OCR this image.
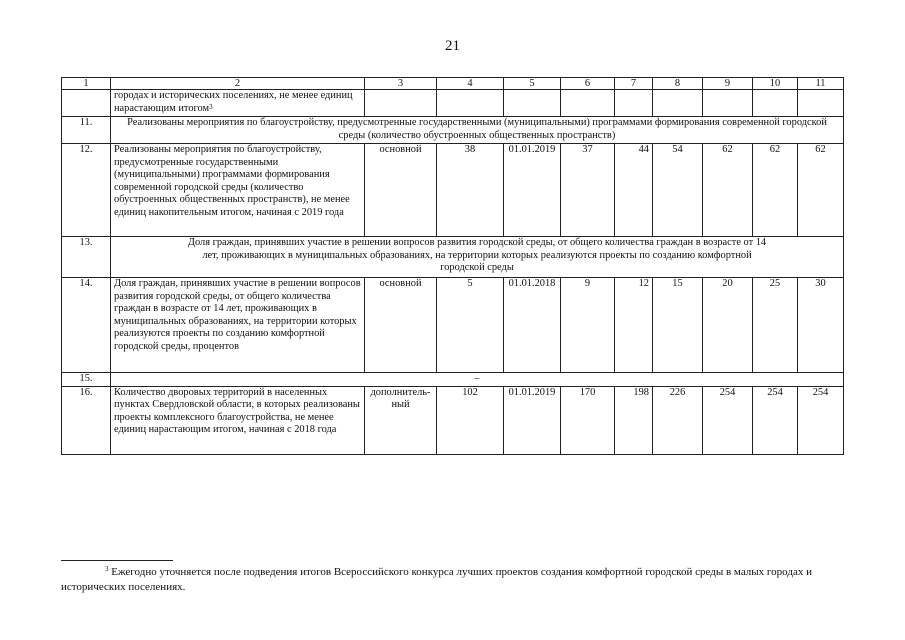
21
1	2	3	4	5	6	7	8	9	10	11
	городах и исторических поселениях, не менее единиц нарастающим итогом$^3$									
11.	Реализованы мероприятия по благоустройству, предусмотренные государственными (муниципальными) программами формирования современной городской среды (количество обустроенных общественных пространств)									
12.	Реализованы мероприятия по благоустройству, предусмотренные государственными (муниципальными) программами формирования современной городской среды (количество обустроенных общественных пространств), не менее единиц накопительным итогом, начиная с 2019 года	основной	38	01.01.2019	37	44	54	62	62	62
13.	Доля граждан, принявших участие в решении вопросов развития городской среды, от общего количества граждан в возрасте от 14 лет, проживающих в муниципальных образованиях, на территории которых реализуются проекты по созданию комфортной городской среды									
14.	Доля граждан, принявших участие в решении вопросов развития городской среды, от общего количества граждан в возрасте от 14 лет, проживающих в муниципальных образованиях, на территории которых реализуются проекты по созданию комфортной городской среды, процентов	основной	5	01.01.2018	9	12	15	20	25	30
15.	–									
16.	Количество дворовых территорий в населенных пунктах Свердловской области, в которых реализованы проекты комплексного благоустройства, не менее единиц нарастающим итогом, начиная с 2018 года	дополнитель-ный	102	01.01.2019	170	198	226	254	254	254
$^3$ Ежегодно уточняется после подведения итогов Всероссийского конкурса лучших проектов создания комфортной городской среды в малых городах и исторических поселениях.
